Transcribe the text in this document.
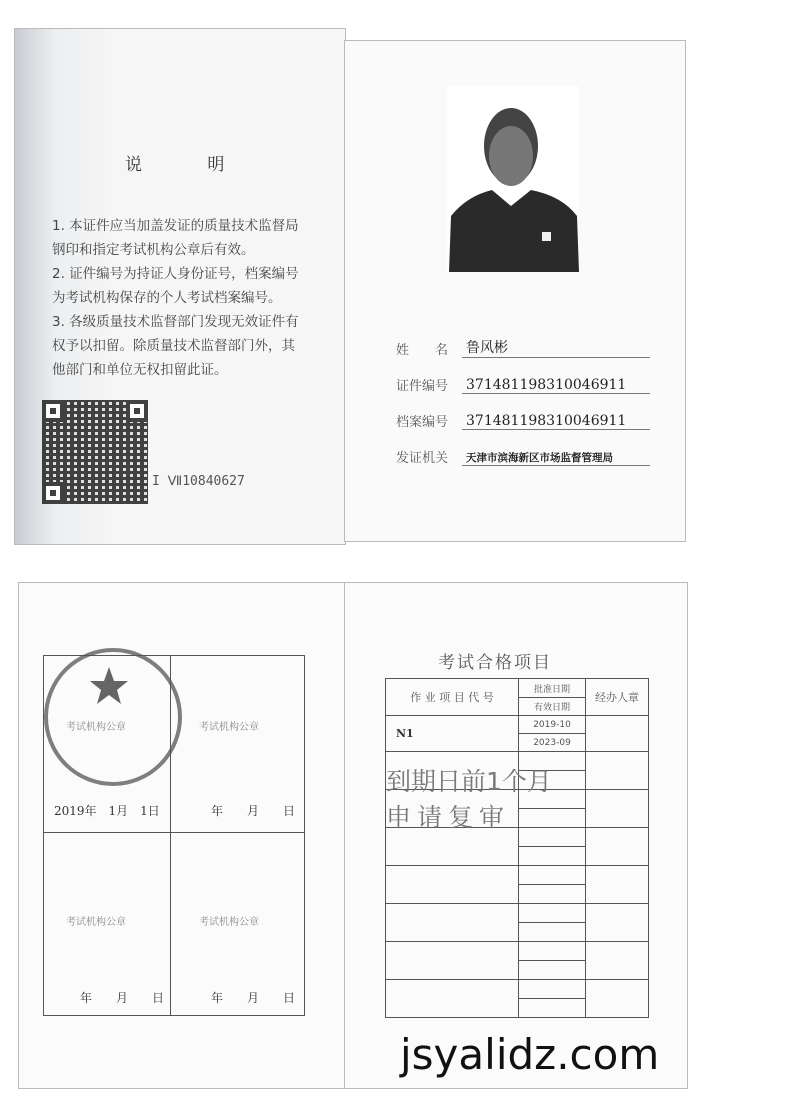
说 明
1. 本证件应当加盖发证的质量技术监督局钢印和指定考试机构公章后有效。
2. 证件编号为持证人身份证号，档案编号为考试机构保存的个人考试档案编号。
3. 各级质量技术监督部门发现无效证件有权予以扣留。除质量技术监督部门外，其他部门和单位无权扣留此证。
I Ⅶ10840627
姓　　名	鲁风彬
证件编号	371481198310046911
档案编号	371481198310046911
发证机关	天津市滨海新区市场监督管理局
考试机构公章
2019年　1月　1日
考试机构公章
年　　月　　日
考试机构公章
年　　月　　日
考试机构公章
年　　月　　日
考试合格项目
作 业 项 目 代 号	批准日期	经办人章
	有效日期	
N1	2019-10	
	2023-09	

到期日前1个月
申请复审
jsyalidz.com
